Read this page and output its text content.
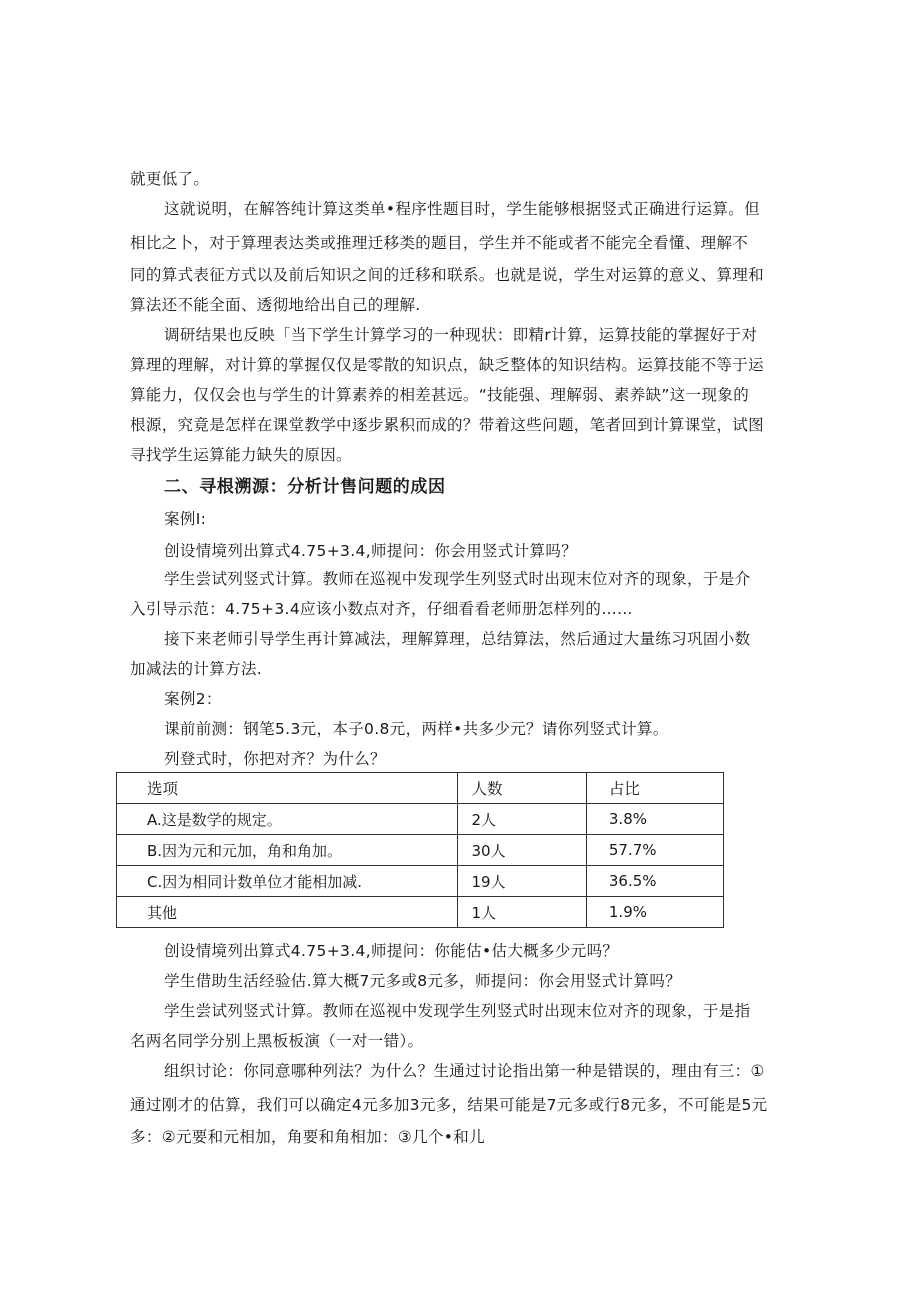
就更低了。
这就说明，在解答纯计算这类单•程序性题目时，学生能够根据竖式正确进行运算。但
相比之卜，对于算理表达类或推理迁移类的题目，学生并不能或者不能完全看懂、理解不
同的算式表征方式以及前后知识之间的迁移和联系。也就是说，学生对运算的意义、算理和
算法还不能全面、透彻地给出自己的理解.
调研结果也反映「当下学生计算学习的一种现状：即精r计算，运算技能的掌握好于对
算理的理解，对计算的掌握仅仅是零散的知识点，缺乏整体的知识结构。运算技能不等于运
算能力，仅仅会也与学生的计算素养的相差甚远。“技能强、理解弱、素养缺”这一现象的
根源，究竟是怎样在课堂教学中逐步累积而成的？带着这些问题，笔者回到计算课堂，试图
寻找学生运算能力缺失的原因。
二、寻根溯源：分析计售问题的成因
案例I:
创设情境列出算式4.75+3.4,师提问：你会用竖式计算吗？
学生尝试列竖式计算。教师在巡视中发现学生列竖式时出现末位对齐的现象，于是介
入引导示范：4.75+3.4应该小数点对齐，仔细看看老师册怎样列的……
接下来老师引导学生再计算减法，理解算理，总结算法，然后通过大量练习巩固小数
加减法的计算方法.
案例2：
课前前测：钢笔5.3元，本子0.8元，两样•共多少元？请你列竖式计算。
列登式时，你把对齐？为什么？
选项	人数	占比
A.这是数学的规定。	2人	3.8%
B.因为元和元加，角和角加。	30人	57.7%
C.因为相同计数单位才能相加减.	19人	36.5%
其他	1人	1.9%
创设情境列出算式4.75+3.4,师提问：你能估•估大概多少元吗？
学生借助生活经验估.算大概7元多或8元多，师提问：你会用竖式计算吗？
学生尝试列竖式计算。教师在巡视中发现学生列竖式时出现末位对齐的现象，于是指
名两名同学分别上黑板板演（一对一错）。
组织讨论：你同意哪种列法？为什么？生通过讨论指出第一种是错误的，理由有三：①
通过刚才的估算，我们可以确定4元多加3元多，结果可能是7元多或行8元多，不可能是5元
多：②元要和元相加，角要和角相加：③几个•和儿
